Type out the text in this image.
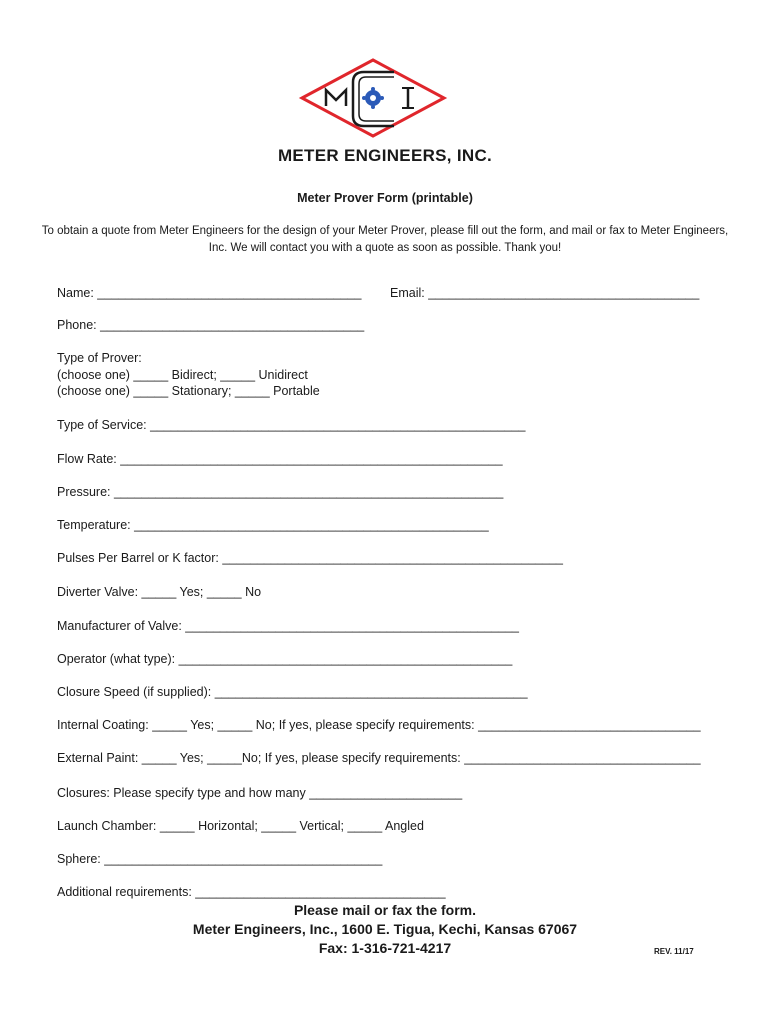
METER ENGINEERS, INC.
Meter Prover Form (printable)
To obtain a quote from Meter Engineers for the design of your Meter Prover, please fill out the form, and mail or fax to Meter Engineers, Inc. We will contact you with a quote as soon as possible. Thank you!
Name: ______________________________________ Email: _______________________________________
Phone: ______________________________________
Type of Prover:
(choose one) _____ Bidirect; _____ Unidirect
(choose one) _____ Stationary; _____ Portable
Type of Service: ______________________________________________________
Flow Rate: _______________________________________________________
Pressure: ________________________________________________________
Temperature: ___________________________________________________
Pulses Per Barrel or K factor: _________________________________________________
Diverter Valve: _____ Yes; _____ No
Manufacturer of Valve: ________________________________________________
Operator (what type): ________________________________________________
Closure Speed (if supplied): _____________________________________________
Internal Coating: _____ Yes; _____ No; If yes, please specify requirements: ________________________________
External Paint: _____ Yes; _____No; If yes, please specify requirements: __________________________________
Closures: Please specify type and how many ______________________
Launch Chamber: _____ Horizontal; _____ Vertical; _____ Angled
Sphere: ________________________________________
Additional requirements: ____________________________________
Please mail or fax the form.
Meter Engineers, Inc., 1600 E. Tigua, Kechi, Kansas 67067
Fax: 1-316-721-4217	REV. 11/17
